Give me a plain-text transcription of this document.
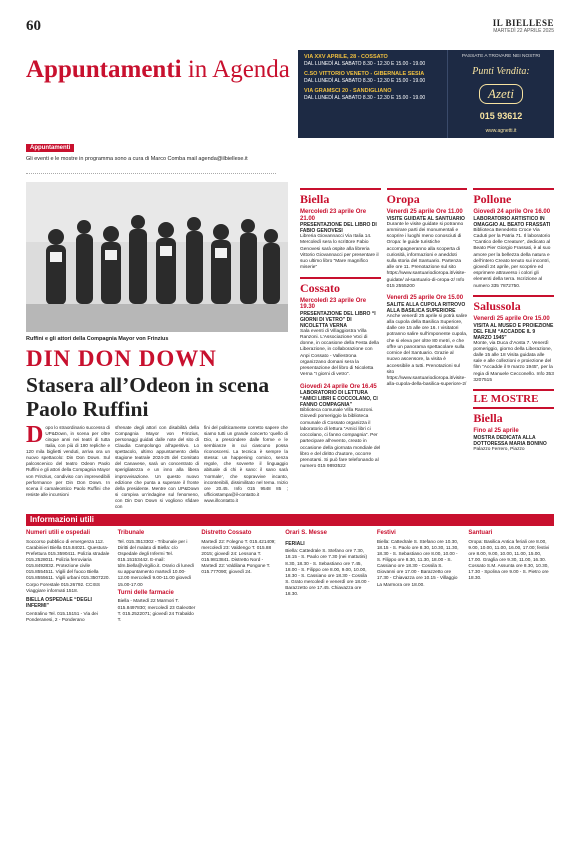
60	IL BIELLESE
MARTEDÌ 22 APRILE 2025
Appuntamenti in Agenda	VIA XXV APRILE, 28 - COSSATO
DAL LUNEDÌ AL SABATO 8.30 - 12.30 E 15.00 - 19.00
C.SO VITTORIO VENETO - GIBERNALE SESIA
DAL LUNEDÌ AL SABATO 8.30 - 12.30 E 15.00 - 19.00
VIA GRAMSCI 20 - SANDIGLIANO
DAL LUNEDÌ AL SABATO 8.30 - 12.30 E 15.00 - 19.00
PASSATE A TROVARE NEI NOSTRI
Punti Vendita:
Azeti
015 93612
www.agnetti.it
Appuntamenti
Gli eventi e le mostre in programma sono a cura di Marco Comba mail agenda@ilbiellese.it
Ruffini e gli attori della Compagnia Mayor von Frinzius
DIN DON DOWN
Stasera all’Odeon in scena Paolo Ruffini
Dopo lo straordinario successo di UP&Down, in scena per oltre cinque anni nei teatri di tutta Italia, con più di 180 repliche e 120 mila biglietti venduti, arriva ora un nuovo spettacolo: Din Don Down. Sul palcoscenico del teatro Odeon Paolo Ruffini e gli attori della Compagnia Mayor von Frinzius, condiviso con imprevedibili performance per Din Don Down. In scena il camaleontico Paolo Ruffini che resiste alle incursioni
sfrenate degli attori con disabilità della Compagnia Mayor von Frinzius, personaggi guidati dalle note del sito di Claudia Campolongo all’aperitivo. Lo spettacolo, ultimo appuntamento della stagione teatrale 2024-25 del Comitato del Canavese, sarà un concentrato di sperigliatezza e un inno alla libera improvvisazione. Un questo nuovo edizione che punta a superare il fronte della presidente. Mentre con UP&Down si compiva un’indagine sul fenomeno, con Din Don Down si vogliono sfidare con
fini del politicamente corretto sapere che siamo tutti un grande concerto ‘quello di Dio, a prescindere dalle forme e le sembianze in cui ciascuno possa riconoscersi. La tecnica è sempre la stessa: un happening comico, senza regole, che sovverte il linguaggio abituale di chi è sano: il sano sarà ‘normale’, che sopravvive incanto, incontenibili, dissimilitato nel tema. Inizio ore 20.45. Info 015 9548 85 ; ufficiostampa@il-contatto.it www.illcontatto.it
Biella
Mercoledì 23 aprile Ore 21.00
PRESENTAZIONE DEL LIBRO DI FABIO GENOVESI
Libreria Giovannacci Via Italia 14. Mercoledì sera lo scrittore Fabio Genovesi sarà ospite alla libreria Vittorio Giovannacci per presentare il suo ultimo libro “Mare magnifico miserie”
Cossato
Mercoledì 23 aprile Ore 19.30
PRESENTAZIONE DEL LIBRO “I GIORNI DI VETRO” DI NICOLETTA VERNA
Sala eventi di Villaggiostra Villa Ranzoni. L’Associazione Voci di donne, in occasione della Festa della Liberazione, in collaborazione con Anpi Cossato - Vallestrona organizzano domani sera la presentazione del libro di Nicoletta Verna “I giorni di vetro”.
Giovedì 24 aprile Ore 16.45
LABORATORIO DI LETTURA “AMICI LIBRI E COCCOLANO, CI FANNO COMPAGNIA”
Biblioteca comunale Villa Ranzoni. Giovedì pomeriggio la biblioteca comunale di Cossato organizza il laboratorio di lettura “Amici libri ci coccolano, ci fanno compagnia”. Per partecipare all’evento, creato in occasione della giornata mondiale del libro e del diritto d’autore, occorre prenotarsi. Si può fare telefonando al numero 015 9893522
Oropa
Venerdì 25 aprile Ore 11.00
VISITE GUIDATE AL SANTUARIO
Durante le visite guidate si potranno ammirare parti dei monumentali e scoprire i luoghi meno conosciuti di Oropa: le guide turistiche accompagneranno alla scoperta di curiosità, informazioni e aneddoti sulla storia del Santuario. Partenza alle ore 11. Prenotazione sul sito https://www.santuariodioropa.it/visite-guidate/ al-santuario-di-oropa-2/ Info 015 2555200
Venerdì 25 aprile Ore 15.00
SALITE ALLA CUPOLA RITROVO ALLA BASILICA SUPERIORE
Anche venerdì 25 aprile si potrà salire alla cupola della Basilica Superiore, dalle ore 15 alle ore 16. I visitatori potranno salire sull’imponente cupola, che si eleva per oltre 80 metri, e che offre un panorama spettacolare sulla cornice del Santuario. Grazie al nuovo ascensore, la visita è accessibile a tutti. Prenotazioni sul sito https://www.santuariodioropa.it/visite-alla-cupola-della-basilica-superiore-2/
Pollone
Giovedì 24 aprile Ore 16.00
LABORATORIO ARTISTICO IN OMAGGIO AL BEATO FRASSATI
Biblioteca Benedetto Croce Via Caduti per la Patria 71. Il laboratorio “Cantico delle Creature”, dedicato al Beato Pier Giorgio Frassati, è al suo amore per la bellezza della natura e dell’intero Creato tenuto sui incontri, giovedì 24 aprile, per scoprire ed esprimere attraverso i colori gli elementi della terra. Iscrizione al numero 335 7872750.
Salussola
Venerdì 25 aprile Ore 15.00
VISITA AL MUSEO E PROIEZIONE DEL FILM “ACCADDE IL 9 MARZO 1945”
Monte, via Duca d’Aosta 7. Venerdì pomeriggio, giorno della Liberazione, dalle 15 alle 18 Visita guidata alle sale e alle collezioni e proiezione del film “Accadde il 9 marzo 1945”, per la regia di Manuele Cecconello. Info 353 3207515
LE MOSTRE
Biella
Fino al 25 aprile
MOSTRA DEDICATA ALLA DOTTORESSA MARIA BONINO
Palazzo Ferrero, Piazzo
Informazioni utili
Numeri utili e ospedali

Soccorso pubblico di emergenza 112. Carabinieri Biella 015.84021. Questura-Prefettura 015.3590411. Polizia stradale 015.2528011. Polizia ferroviaria 015.8492832. Protezione civile 015.8554511. Vigili del fuoco Biella 015.8555611. Vigili urbani 015.3507220. Corpo Forestale 015.26792. CCISS Viaggiare informati 1518.

BIELLA OSPEDALE “DEGLI INFERMI”

Centralino Tel. 015.15151 - Via dei Ponderanesi, 2 - Ponderano

Tribunale

Tel. 015.3513302 - Tribunale per i Diritti del malato di Biella: c/o Ospedale degli Infermi Tel. 015.15153442. E-mail: tdm.biella@virgilio.it. Orario di lunedì su appuntamento martedì 10.00-12.00 mercoledì 9.00-11.00 giovedì 15.00-17.00

Turni delle farmacie

Biella - Martedì 22 Marmori T. 015.8497830; mercoledì 23 Galeotter T. 015.2522071; giovedì 24 Trabaldo T.

Distretto Cossato

Martedì 22: Folegno T. 015.421409; mercoledì 23: Valdengo T. 015.88 2015; giovedì 24: Lessona T. 015.9813841. Distretto Nord - Martedì 22: Valdilana Pongone T. 015.777090; giovedì 24.

Orari S. Messe
FERIALI

Biella: Cattedrale S. Stefano ore 7.30, 18.15 - S. Paolo ore 7.30 (nei mattutini) 8.30, 18.30 - S. Sebastiano ore 7.45, 18.00 - S. Filippo ore 8.00, 9.00, 10.00, 18.30 - S. Cassiano ore 18.30 - Cossila S. Grato mercoledì e venerdì ore 18.00 - Barazzetto ore 17.45. Chiavazza ore 18.30.

Festivi

Biella: Cattedrale S. Stefano ore 10.30, 18.15 - S. Paolo ore 8.30, 10.30, 11.30, 18.30 - S. Sebastiano ore 8.00, 10.00 - S. Filippo ore 8.30, 11.30, 18.00 - S. Cassiano ore 18.30 - Cossila S. Giovanni ore 17.00 - Barazzetto ore 17.30 - Chiavazza ore 10.15 - Villaggio La Marmora ore 18.00.

Santuari

Oropa: Basilica Antica feriali ore 8.00, 9.00, 10.00, 11.00, 16.00, 17.00; festivi ore 8.00, 9.00, 10.00, 11.00, 15.00, 17.00. Graglia ore 9.30, 11.00, 16.30. Cossato S.M. Assunta ore 8.30, 10.30, 17.30 - Spolina ore 9.00 - S. Pietro ore 18.30.
